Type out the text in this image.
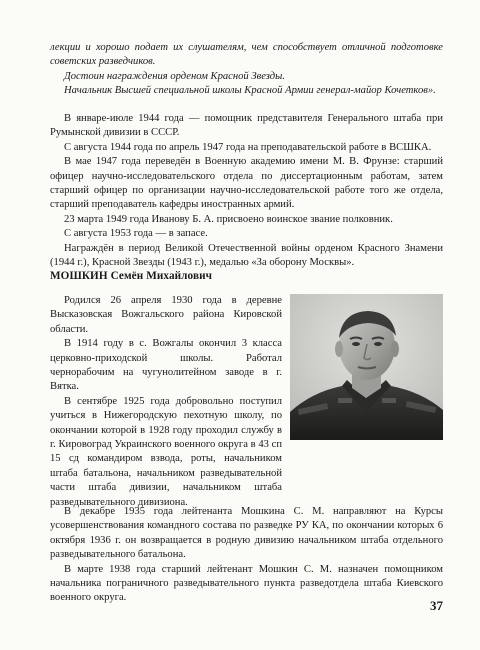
лекции и хорошо подает их слушателям, чем способствует отличной подготовке советских разведчиков.
Достоин награждения орденом Красной Звезды.
Начальник Высшей специальной школы Красной Армии генерал-майор Кочетков».
В январе-июле 1944 года — помощник представителя Генерального штаба при Румынской дивизии в СССР.
С августа 1944 года по апрель 1947 года на преподавательской работе в ВСШКА.
В мае 1947 года переведён в Военную академию имени М. В. Фрунзе: старший офицер научно-исследовательского отдела по диссертационным работам, затем старший офицер по организации научно-исследовательской работе того же отдела, старший преподаватель кафедры иностранных армий.
23 марта 1949 года Иванову Б. А. присвоено воинское звание полковник.
С августа 1953 года — в запасе.
Награждён в период Великой Отечественной войны орденом Красного Знамени (1944 г.), Красной Звезды (1943 г.), медалью «За оборону Москвы».
МОШКИН Семён Михайлович
Родился 26 апреля 1930 года в деревне Высказовская Вожгальского района Кировской области.
В 1914 году в с. Вожгалы окончил 3 класса церковно-приходской школы. Работал чернорабочим на чугунолитейном заводе в г. Вятка.
В сентябре 1925 года добровольно поступил учиться в Нижегородскую пехотную школу, по окончании которой в 1928 году проходил службу в г. Кировоград Украинского военного округа в 43 сп 15 сд командиром взвода, роты, начальником штаба батальона, начальником разведывательной части штаба дивизии, начальником штаба разведывательного дивизиона.
В декабре 1935 года лейтенанта Мошкина С. М. направляют на Курсы усовершенствования командного состава по разведке РУ КА, по окончании которых 6 октября 1936 г. он возвращается в родную дивизию начальником штаба отдельного разведывательного батальона.
В марте 1938 года старший лейтенант Мошкин С. М. назначен помощником начальника пограничного разведывательного пункта разведотдела штаба Киевского военного округа.
37
